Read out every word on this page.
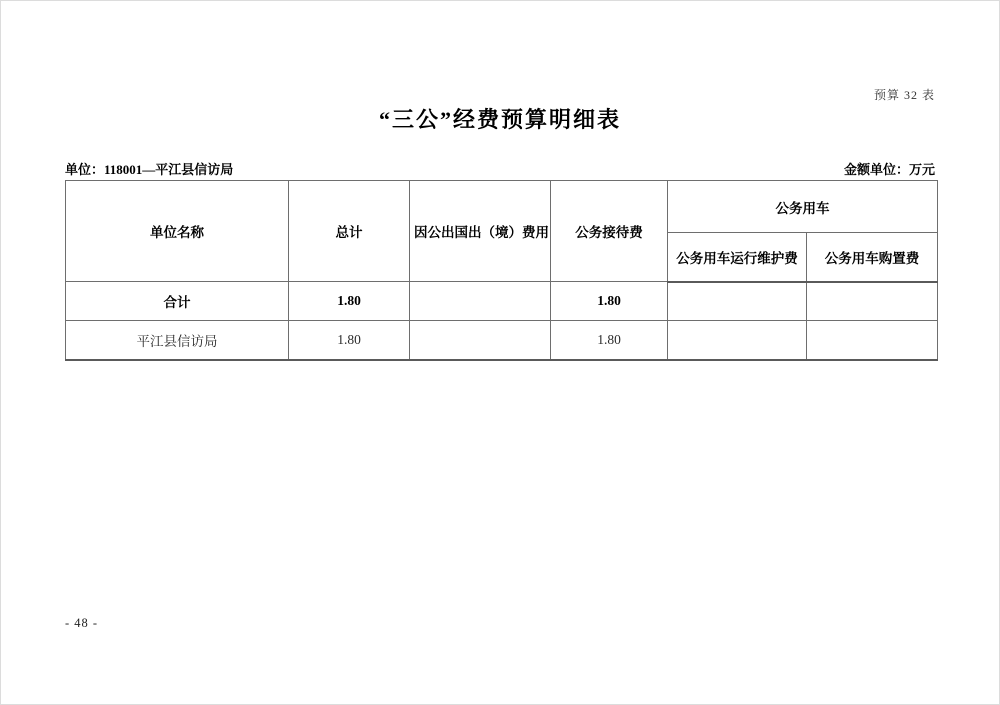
预算 32 表
“三公”经费预算明细表
单位：118001—平江县信访局	金额单位：万元
单位名称	总计	因公出国出（境）费用	公务接待费	公务用车	
				公务用车运行维护费	公务用车购置费
合计	1.80		1.80		
平江县信访局	1.80		1.80		
- 48 -
